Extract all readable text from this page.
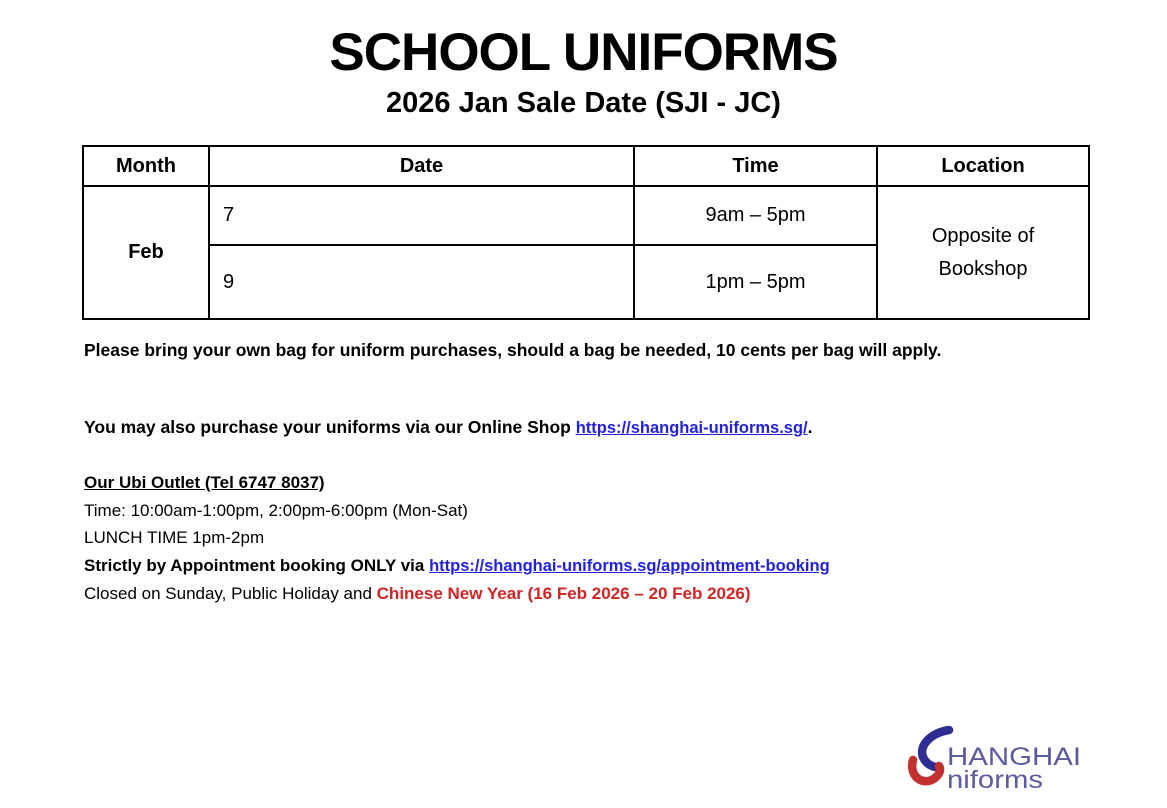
SCHOOL UNIFORMS
2026 Jan Sale Date (SJI - JC)
Month	Date	Time	Location
Feb	7	9am – 5pm	Opposite of Bookshop
	9	1pm – 5pm	
Please bring your own bag for uniform purchases, should a bag be needed, 10 cents per bag will apply.
You may also purchase your uniforms via our Online Shop https://shanghai-uniforms.sg/.
Our Ubi Outlet (Tel 6747 8037)
Time: 10:00am-1:00pm, 2:00pm-6:00pm (Mon-Sat)
LUNCH TIME 1pm-2pm
Strictly by Appointment booking ONLY via https://shanghai-uniforms.sg/appointment-booking
Closed on Sunday, Public Holiday and Chinese New Year (16 Feb 2026 – 20 Feb 2026)
HANGHAI
niforms
